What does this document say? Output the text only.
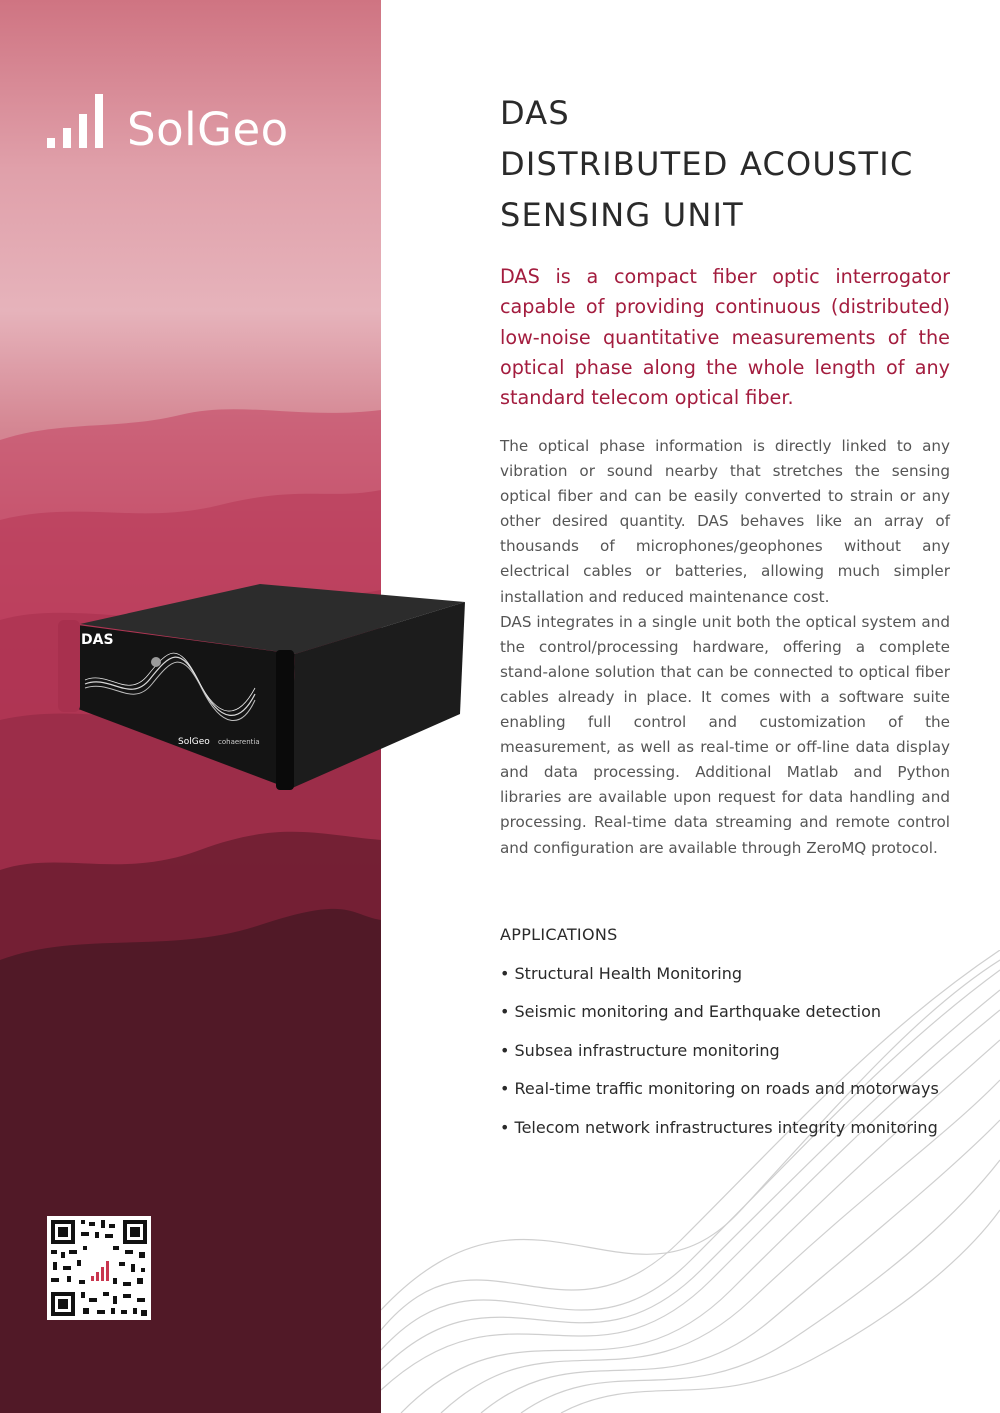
SolGeo
DAS
SolGeo cohaerentia
DAS
DISTRIBUTED ACOUSTIC
SENSING UNIT
DAS is a compact fiber optic interrogator capable of providing continuous (distributed) low-noise quantitative measurements of the optical phase along the whole length of any standard telecom optical fiber.

The optical phase information is directly linked to any vibration or sound nearby that stretches the sensing optical fiber and can be easily converted to strain or any other desired quantity. DAS behaves like an array of thousands of microphones/geophones without any electrical cables or batteries, allowing much simpler installation and reduced maintenance cost.

DAS integrates in a single unit both the optical system and the control/processing hardware, offering a complete stand-alone solution that can be connected to optical fiber cables already in place. It comes with a software suite enabling full control and customization of the measurement, as well as real-time or off-line data display and data processing. Additional Matlab and Python libraries are available upon request for data handling and processing. Real-time data streaming and remote control and configuration are available through ZeroMQ protocol.

APPLICATIONS
• Structural Health Monitoring
• Seismic monitoring and Earthquake detection
• Subsea infrastructure monitoring
• Real-time traffic monitoring on roads and motorways
• Telecom network infrastructures integrity monitoring
